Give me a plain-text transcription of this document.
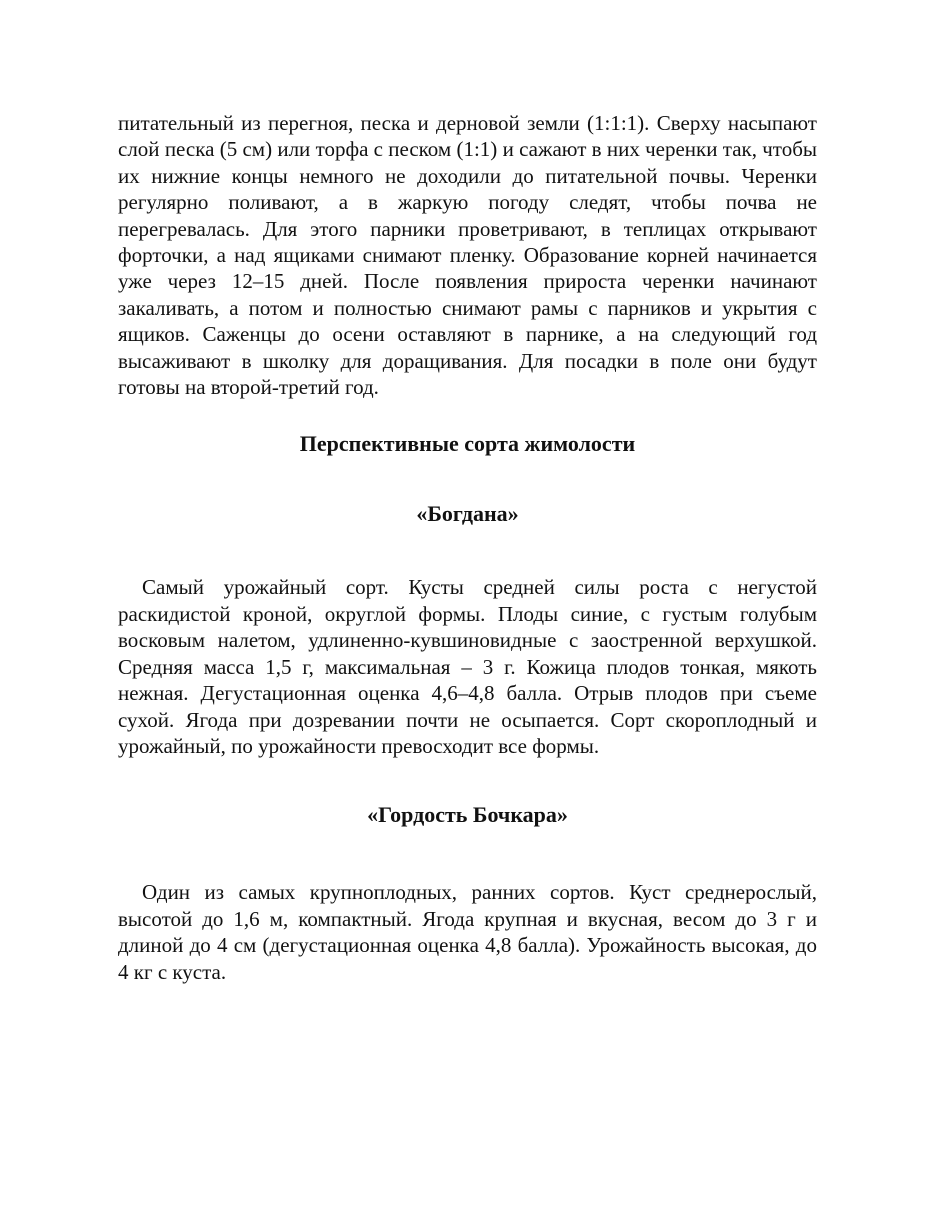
питательный из перегноя, песка и дерновой земли (1:1:1). Сверху насыпают слой песка (5 см) или торфа с песком (1:1) и сажают в них черенки так, чтобы их нижние концы немного не доходили до питательной почвы. Черенки регулярно поливают, а в жаркую погоду следят, чтобы почва не перегревалась. Для этого парники проветривают, в теплицах открывают форточки, а над ящиками снимают пленку. Образование корней начинается уже через 12–15 дней. После появления прироста черенки начинают закаливать, а потом и полностью снимают рамы с парников и укрытия с ящиков. Саженцы до осени оставляют в парнике, а на следующий год высаживают в школку для доращивания. Для посадки в поле они будут готовы на второй-третий год.

Перспективные сорта жимолости
«Богдана»

Самый урожайный сорт. Кусты средней силы роста с негустой раскидистой кроной, округлой формы. Плоды синие, с густым голубым восковым налетом, удлиненно-кувшиновидные с заостренной верхушкой. Средняя масса 1,5 г, максимальная – 3 г. Кожица плодов тонкая, мякоть нежная. Дегустационная оценка 4,6–4,8 балла. Отрыв плодов при съеме сухой. Ягода при дозревании почти не осыпается. Сорт скороплодный и урожайный, по урожайности превосходит все формы.

«Гордость Бочкара»

Один из самых крупноплодных, ранних сортов. Куст среднерослый, высотой до 1,6 м, компактный. Ягода крупная и вкусная, весом до 3 г и длиной до 4 см (дегустационная оценка 4,8 балла). Урожайность высокая, до 4 кг с куста.
